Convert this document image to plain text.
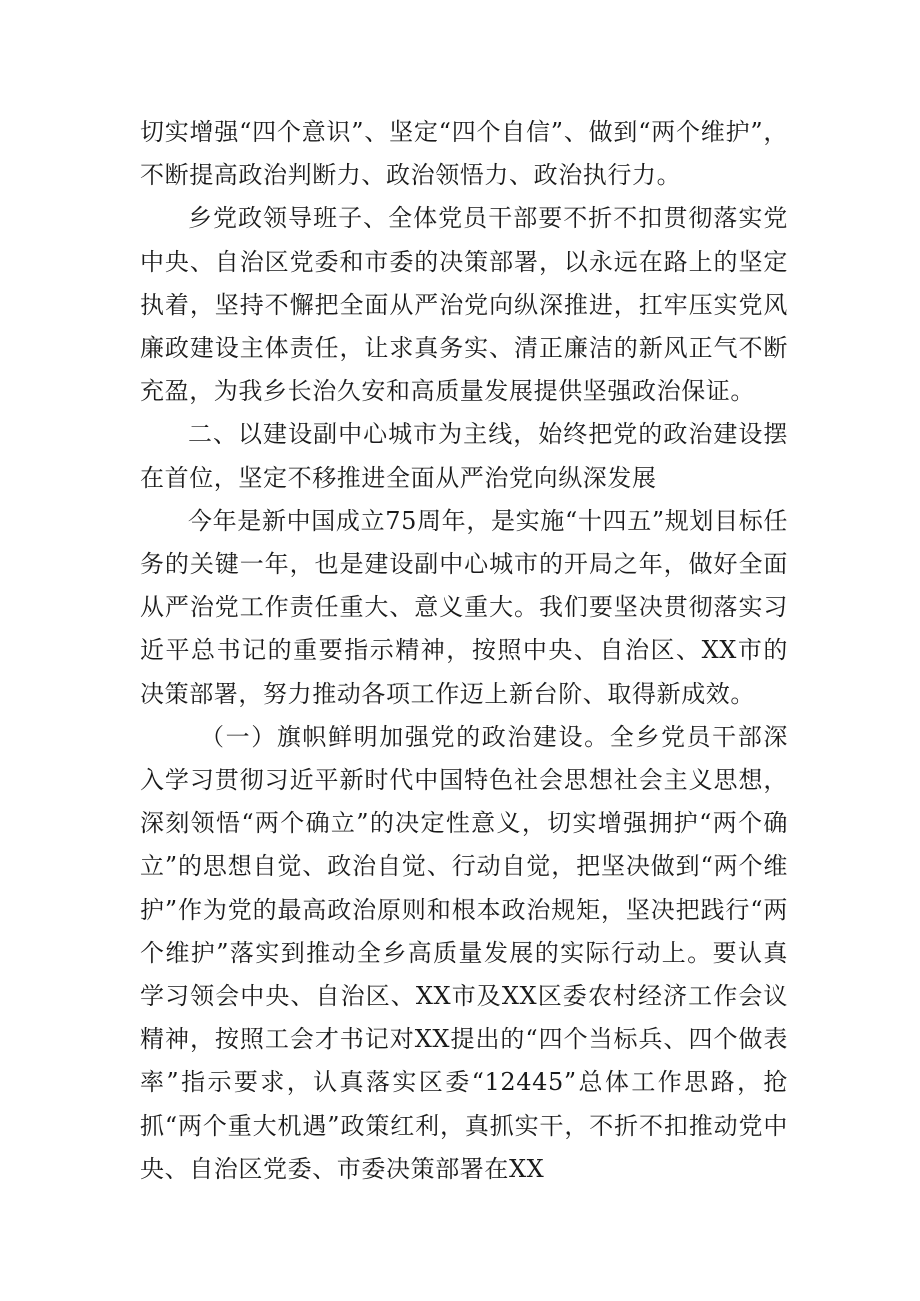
切实增强“四个意识”、坚定“四个自信”、做到“两个维护”，不断提高政治判断力、政治领悟力、政治执行力。

乡党政领导班子、全体党员干部要不折不扣贯彻落实党中央、自治区党委和市委的决策部署，以永远在路上的坚定执着，坚持不懈把全面从严治党向纵深推进，扛牢压实党风廉政建设主体责任，让求真务实、清正廉洁的新风正气不断充盈，为我乡长治久安和高质量发展提供坚强政治保证。

二、以建设副中心城市为主线，始终把党的政治建设摆在首位，坚定不移推进全面从严治党向纵深发展

今年是新中国成立75周年，是实施“十四五”规划目标任务的关键一年，也是建设副中心城市的开局之年，做好全面从严治党工作责任重大、意义重大。我们要坚决贯彻落实习近平总书记的重要指示精神，按照中央、自治区、XX市的决策部署，努力推动各项工作迈上新台阶、取得新成效。

（一）旗帜鲜明加强党的政治建设。全乡党员干部深入学习贯彻习近平新时代中国特色社会思想社会主义思想，深刻领悟“两个确立”的决定性意义，切实增强拥护“两个确立”的思想自觉、政治自觉、行动自觉，把坚决做到“两个维护”作为党的最高政治原则和根本政治规矩，坚决把践行“两个维护”落实到推动全乡高质量发展的实际行动上。要认真学习领会中央、自治区、XX市及XX区委农村经济工作会议精神，按照工会才书记对XX提出的“四个当标兵、四个做表率”指示要求，认真落实区委“12445”总体工作思路，抢抓“两个重大机遇”政策红利，真抓实干，不折不扣推动党中央、自治区党委、市委决策部署在XX
